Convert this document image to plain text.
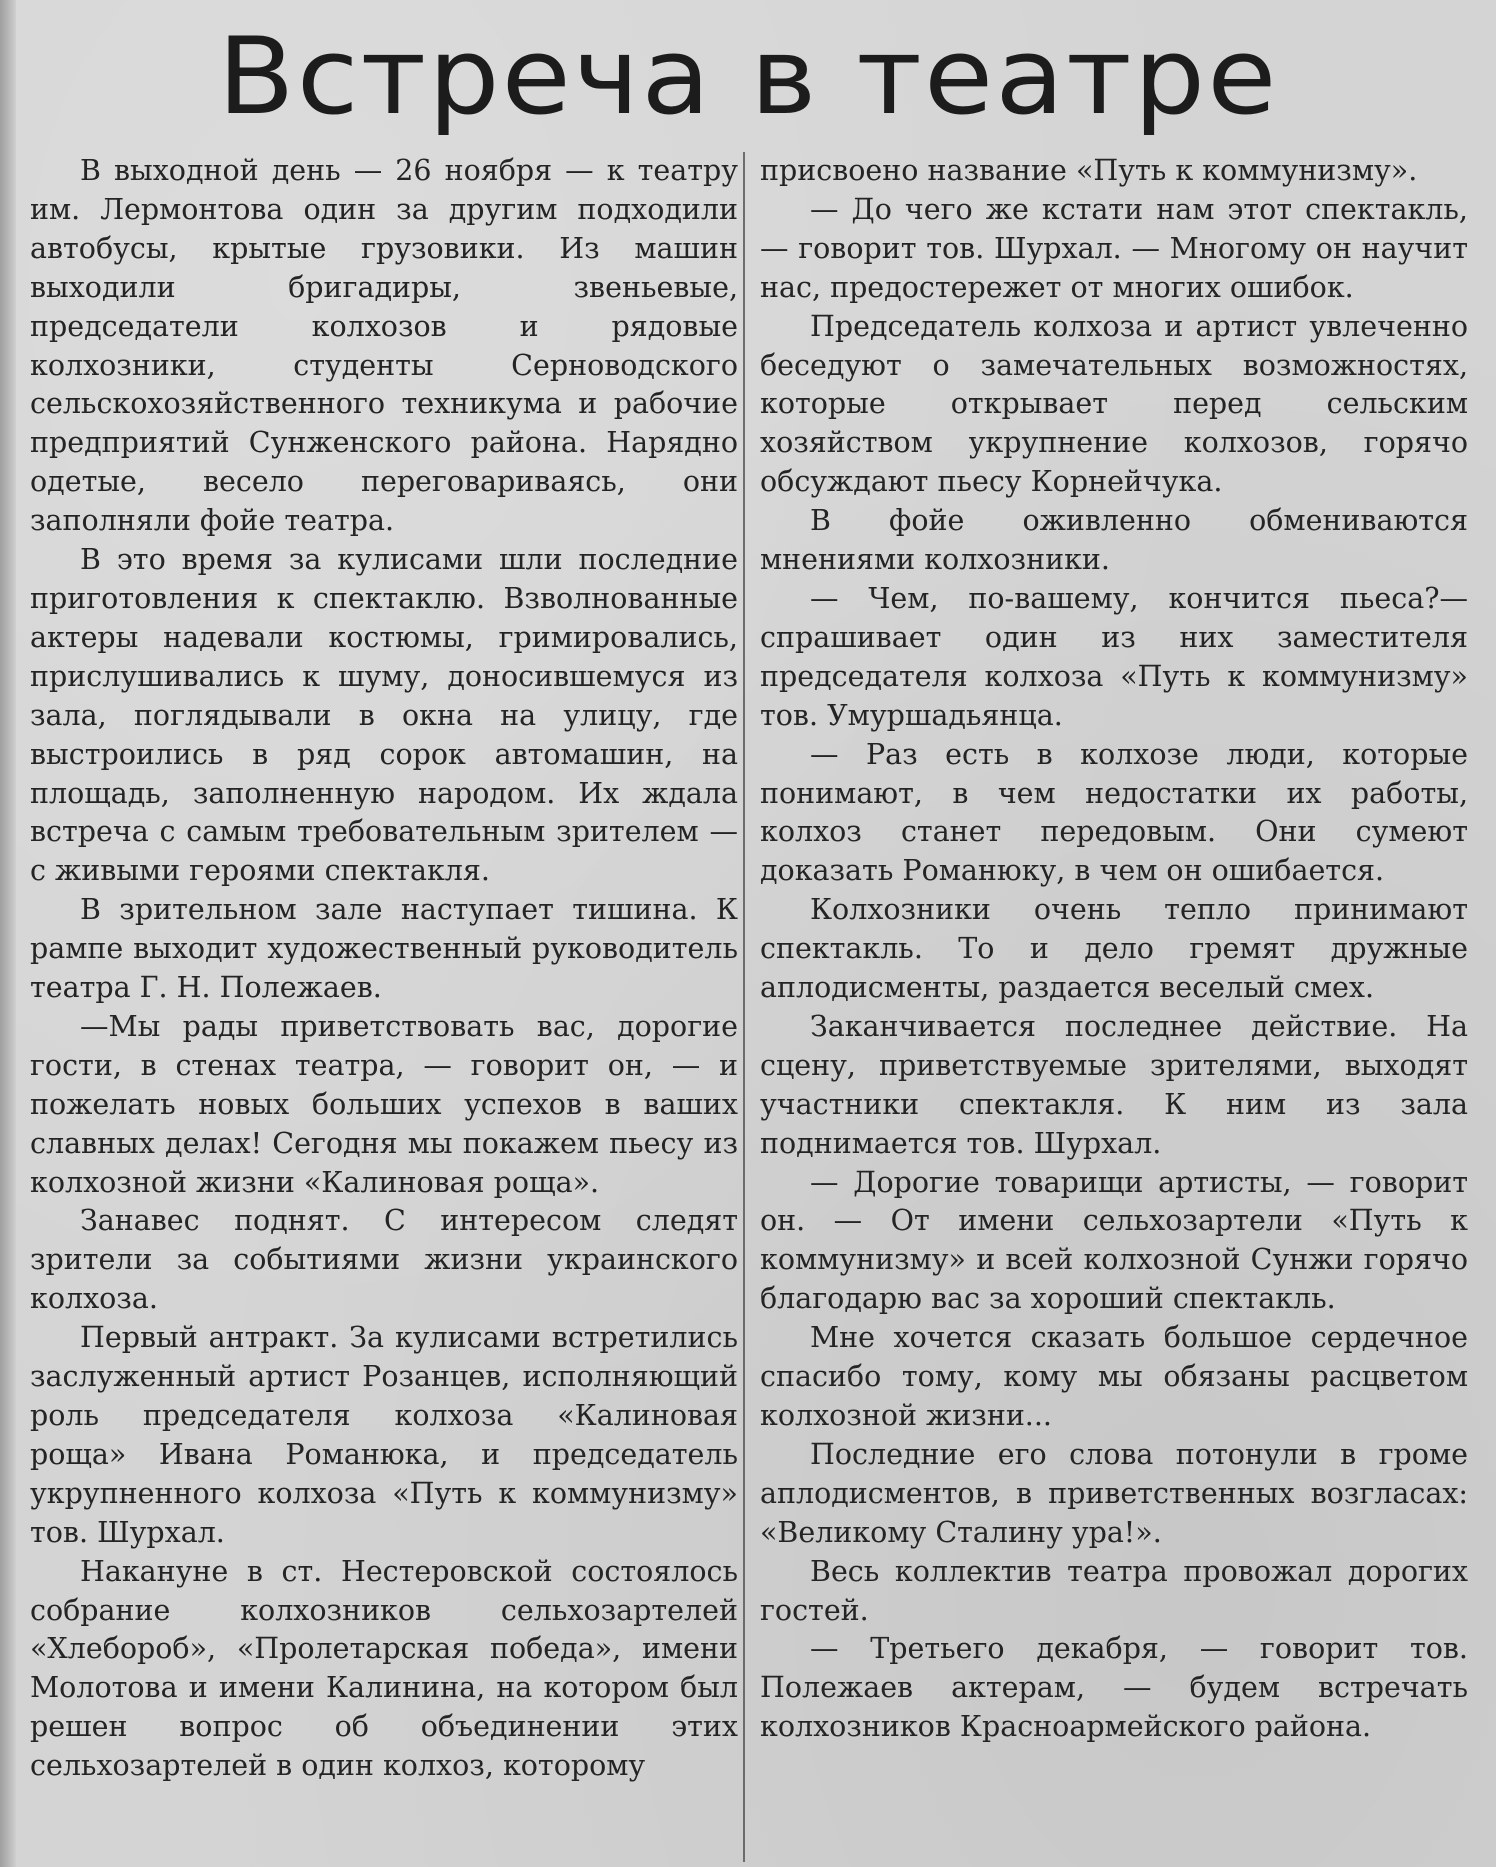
Встреча в театре

В выходной день — 26 ноября — к театру им. Лермонтова один за другим подходили автобусы, крытые грузовики. Из машин выходили бригадиры, звеньевые, председатели колхозов и рядовые колхозники, студенты Серноводского сельскохозяйственного техникума и рабочие предприятий Сунженского района. Нарядно одетые, весело переговариваясь, они заполняли фойе театра.

В это время за кулисами шли последние приготовления к спектаклю. Взволнованные актеры надевали костюмы, гримировались, прислушивались к шуму, доносившемуся из зала, поглядывали в окна на улицу, где выстроились в ряд сорок автомашин, на площадь, заполненную народом. Их ждала встреча с самым требовательным зрителем — с живыми героями спектакля.

В зрительном зале наступает тишина. К рампе выходит художественный руководитель театра Г. Н. Полежаев.

—Мы рады приветствовать вас, дорогие гости, в стенах театра, — говорит он, — и пожелать новых больших успехов в ваших славных делах! Сегодня мы покажем пьесу из колхозной жизни «Калиновая роща».

Занавес поднят. С интересом следят зрители за событиями жизни украинского колхоза.

Первый антракт. За кулисами встретились заслуженный артист Розанцев, исполняющий роль председателя колхоза «Калиновая роща» Ивана Романюка, и председатель укрупненного колхоза «Путь к коммунизму» тов. Шурхал.

Накануне в ст. Нестеровской состоялось собрание колхозников сельхозартелей «Хлебороб», «Пролетарская победа», имени Молотова и имени Калинина, на котором был решен вопрос об объединении этих сельхозартелей в один колхоз, которому

присвоено название «Путь к коммунизму».

— До чего же кстати нам этот спектакль, — говорит тов. Шурхал. — Многому он научит нас, предостережет от многих ошибок.

Председатель колхоза и артист увлеченно беседуют о замечательных возможностях, которые открывает перед сельским хозяйством укрупнение колхозов, горячо обсуждают пьесу Корнейчука.

В фойе оживленно обмениваются мнениями колхозники.

— Чем, по-вашему, кончится пьеса?— спрашивает один из них заместителя председателя колхоза «Путь к коммунизму» тов. Умуршадьянца.

— Раз есть в колхозе люди, которые понимают, в чем недостатки их работы, колхоз станет передовым. Они сумеют доказать Романюку, в чем он ошибается.

Колхозники очень тепло принимают спектакль. То и дело гремят дружные аплодисменты, раздается веселый смех.

Заканчивается последнее действие. На сцену, приветствуемые зрителями, выходят участники спектакля. К ним из зала поднимается тов. Шурхал.

— Дорогие товарищи артисты, — говорит он. — От имени сельхозартели «Путь к коммунизму» и всей колхозной Сунжи горячо благодарю вас за хороший спектакль.

Мне хочется сказать большое сердечное спасибо тому, кому мы обязаны расцветом колхозной жизни...

Последние его слова потонули в громе аплодисментов, в приветственных возгласах: «Великому Сталину ура!».

Весь коллектив театра провожал дорогих гостей.

— Третьего декабря, — говорит тов. Полежаев актерам, — будем встречать колхозников Красноармейского района.
